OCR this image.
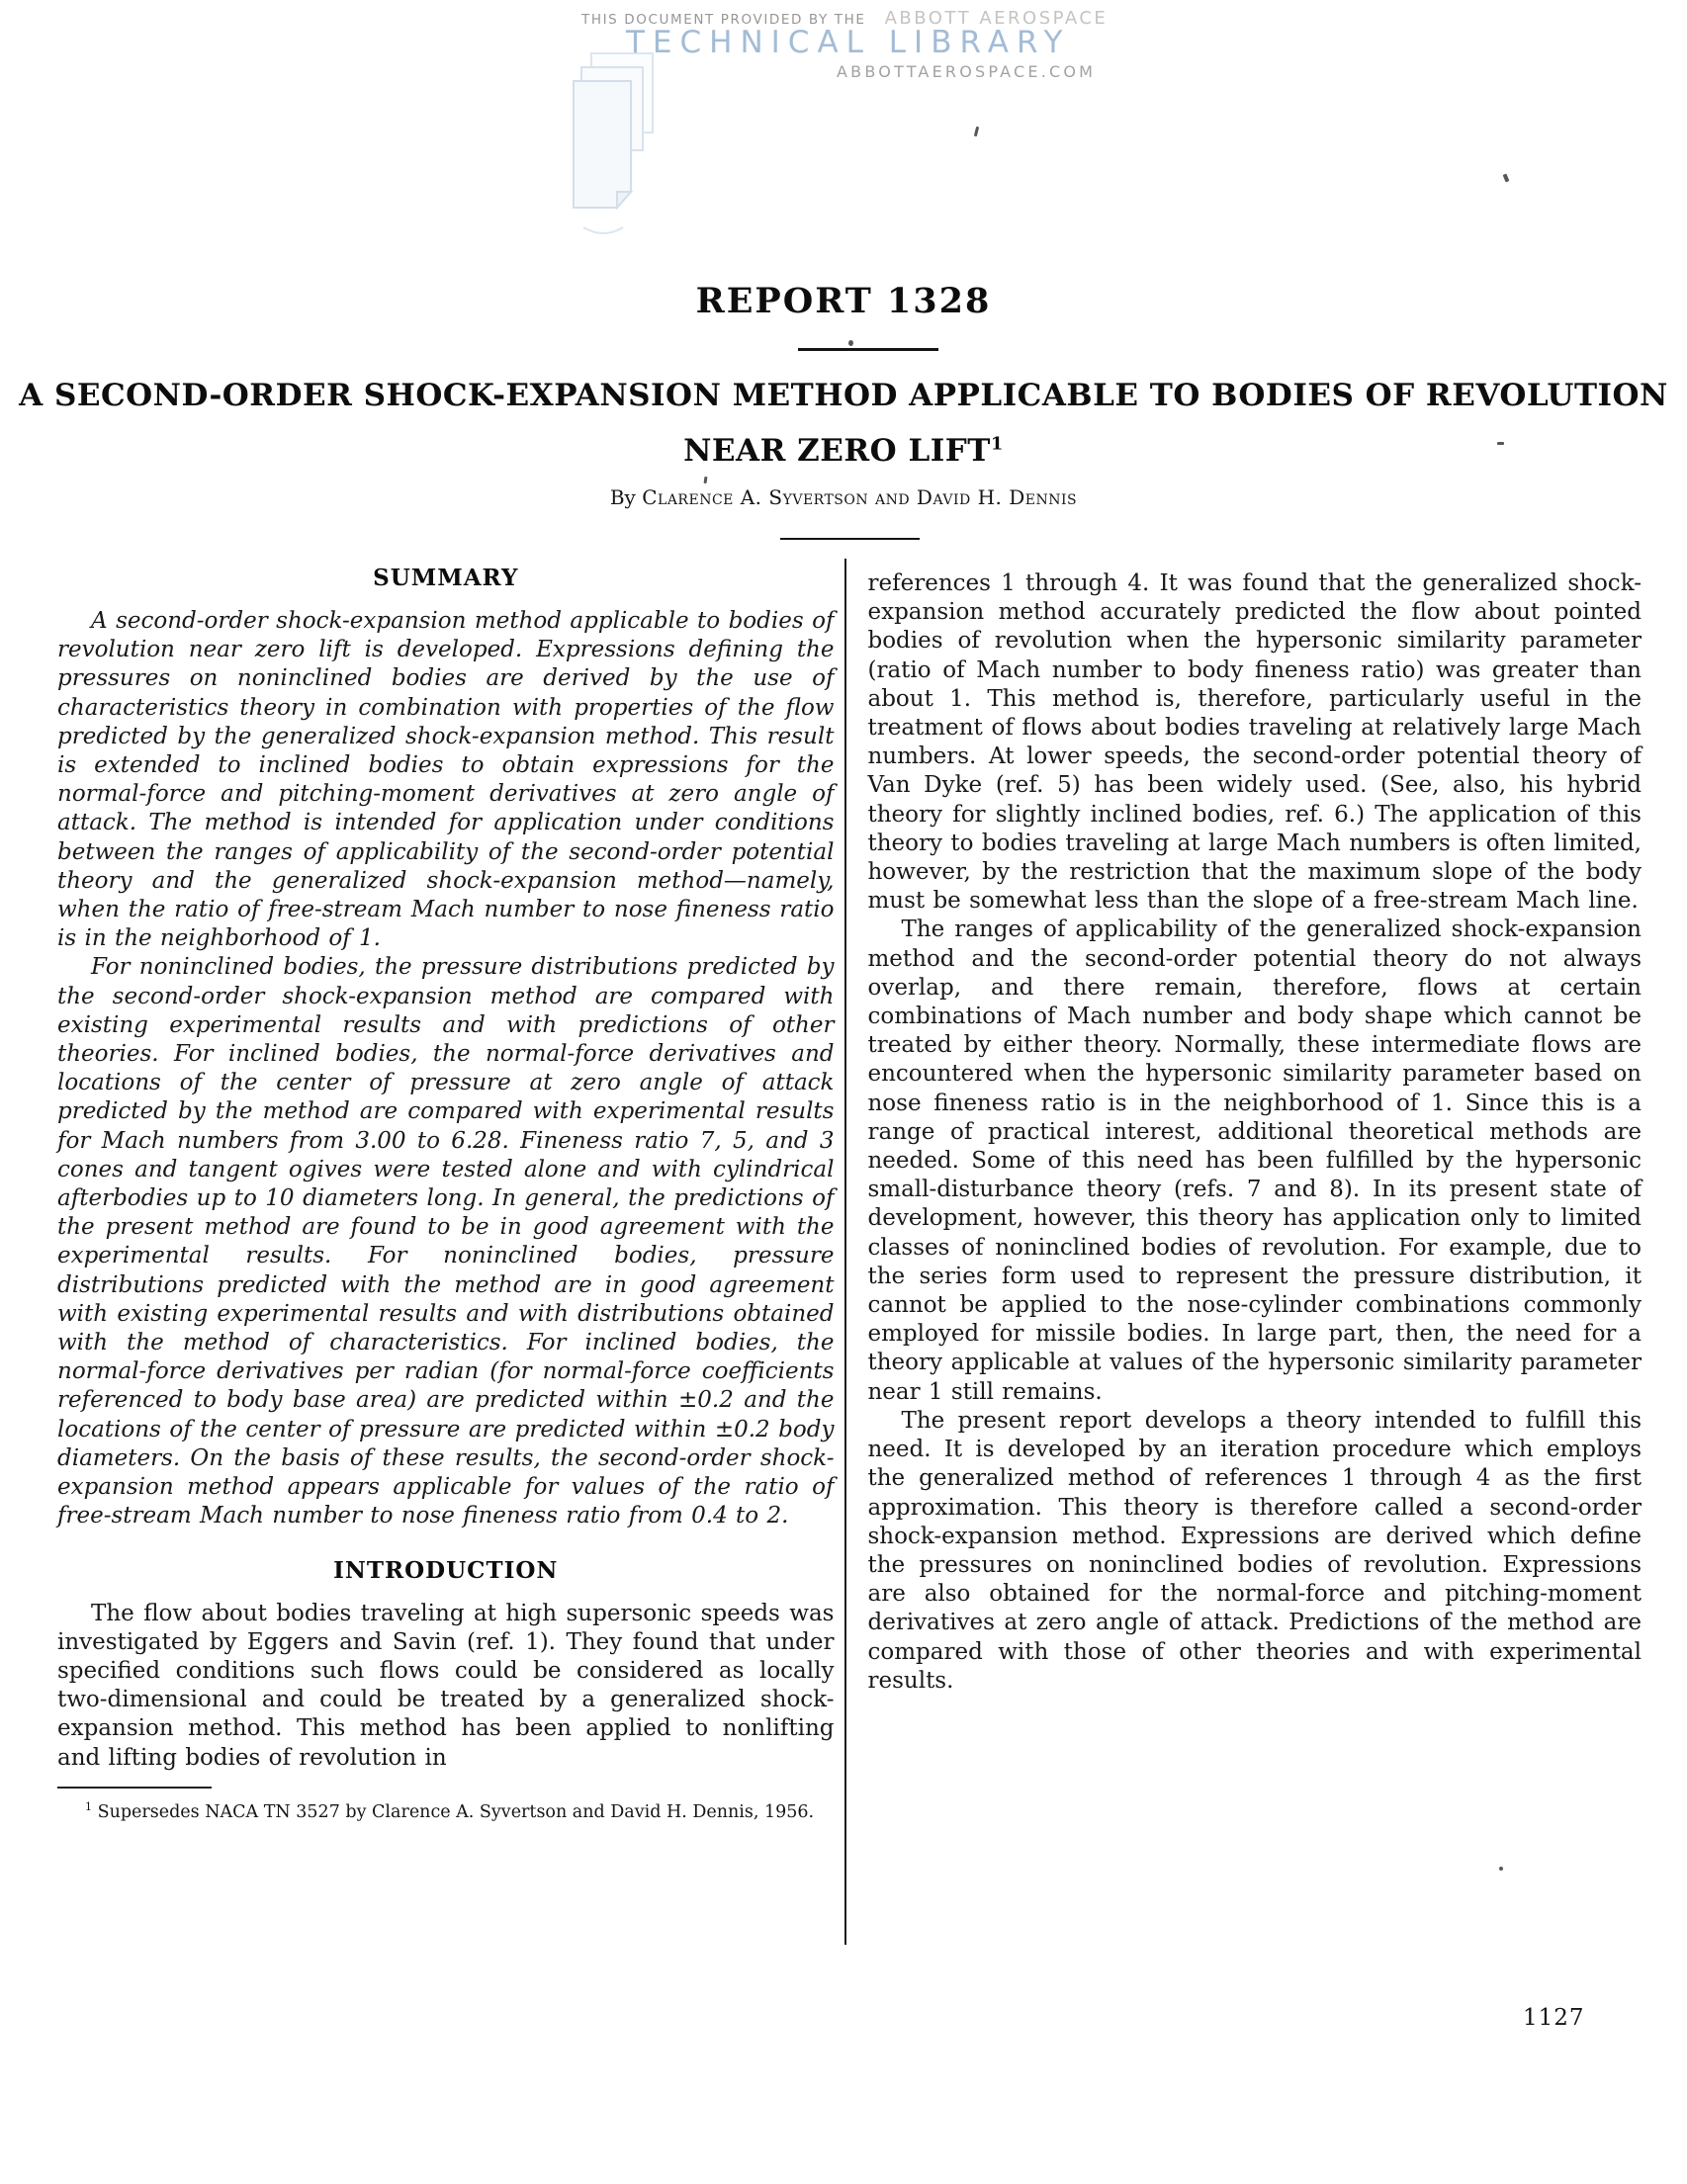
THIS DOCUMENT PROVIDED BY THE ABBOTT AEROSPACE
TECHNICAL LIBRARY
ABBOTTAEROSPACE.COM
REPORT 1328
A SECOND-ORDER SHOCK-EXPANSION METHOD APPLICABLE TO BODIES OF REVOLUTION
NEAR ZERO LIFT$^1$
By Clarence A. Syvertson and David H. Dennis
SUMMARY

A second-order shock-expansion method applicable to bodies of revolution near zero lift is developed. Expressions defining the pressures on noninclined bodies are derived by the use of characteristics theory in combination with properties of the flow predicted by the generalized shock-expansion method. This result is extended to inclined bodies to obtain expressions for the normal-force and pitching-moment derivatives at zero angle of attack. The method is intended for application under conditions between the ranges of applicability of the second-order potential theory and the generalized shock-expansion method—namely, when the ratio of free-stream Mach number to nose fineness ratio is in the neighborhood of 1.

For noninclined bodies, the pressure distributions predicted by the second-order shock-expansion method are compared with existing experimental results and with predictions of other theories. For inclined bodies, the normal-force derivatives and locations of the center of pressure at zero angle of attack predicted by the method are compared with experimental results for Mach numbers from 3.00 to 6.28. Fineness ratio 7, 5, and 3 cones and tangent ogives were tested alone and with cylindrical afterbodies up to 10 diameters long. In general, the predictions of the present method are found to be in good agreement with the experimental results. For noninclined bodies, pressure distributions predicted with the method are in good agreement with existing experimental results and with distributions obtained with the method of characteristics. For inclined bodies, the normal-force derivatives per radian (for normal-force coefficients referenced to body base area) are predicted within ±0.2 and the locations of the center of pressure are predicted within ±0.2 body diameters. On the basis of these results, the second-order shock-expansion method appears applicable for values of the ratio of free-stream Mach number to nose fineness ratio from 0.4 to 2.

INTRODUCTION

The flow about bodies traveling at high supersonic speeds was investigated by Eggers and Savin (ref. 1). They found that under specified conditions such flows could be considered as locally two-dimensional and could be treated by a generalized shock-expansion method. This method has been applied to nonlifting and lifting bodies of revolution in

$^1$ Supersedes NACA TN 3527 by Clarence A. Syvertson and David H. Dennis, 1956.

references 1 through 4. It was found that the generalized shock-expansion method accurately predicted the flow about pointed bodies of revolution when the hypersonic similarity parameter (ratio of Mach number to body fineness ratio) was greater than about 1. This method is, therefore, particularly useful in the treatment of flows about bodies traveling at relatively large Mach numbers. At lower speeds, the second-order potential theory of Van Dyke (ref. 5) has been widely used. (See, also, his hybrid theory for slightly inclined bodies, ref. 6.) The application of this theory to bodies traveling at large Mach numbers is often limited, however, by the restriction that the maximum slope of the body must be somewhat less than the slope of a free-stream Mach line.

The ranges of applicability of the generalized shock-expansion method and the second-order potential theory do not always overlap, and there remain, therefore, flows at certain combinations of Mach number and body shape which cannot be treated by either theory. Normally, these intermediate flows are encountered when the hypersonic similarity parameter based on nose fineness ratio is in the neighborhood of 1. Since this is a range of practical interest, additional theoretical methods are needed. Some of this need has been fulfilled by the hypersonic small-disturbance theory (refs. 7 and 8). In its present state of development, however, this theory has application only to limited classes of noninclined bodies of revolution. For example, due to the series form used to represent the pressure distribution, it cannot be applied to the nose-cylinder combinations commonly employed for missile bodies. In large part, then, the need for a theory applicable at values of the hypersonic similarity parameter near 1 still remains.

The present report develops a theory intended to fulfill this need. It is developed by an iteration procedure which employs the generalized method of references 1 through 4 as the first approximation. This theory is therefore called a second-order shock-expansion method. Expressions are derived which define the pressures on noninclined bodies of revolution. Expressions are also obtained for the normal-force and pitching-moment derivatives at zero angle of attack. Predictions of the method are compared with those of other theories and with experimental results.

1127
